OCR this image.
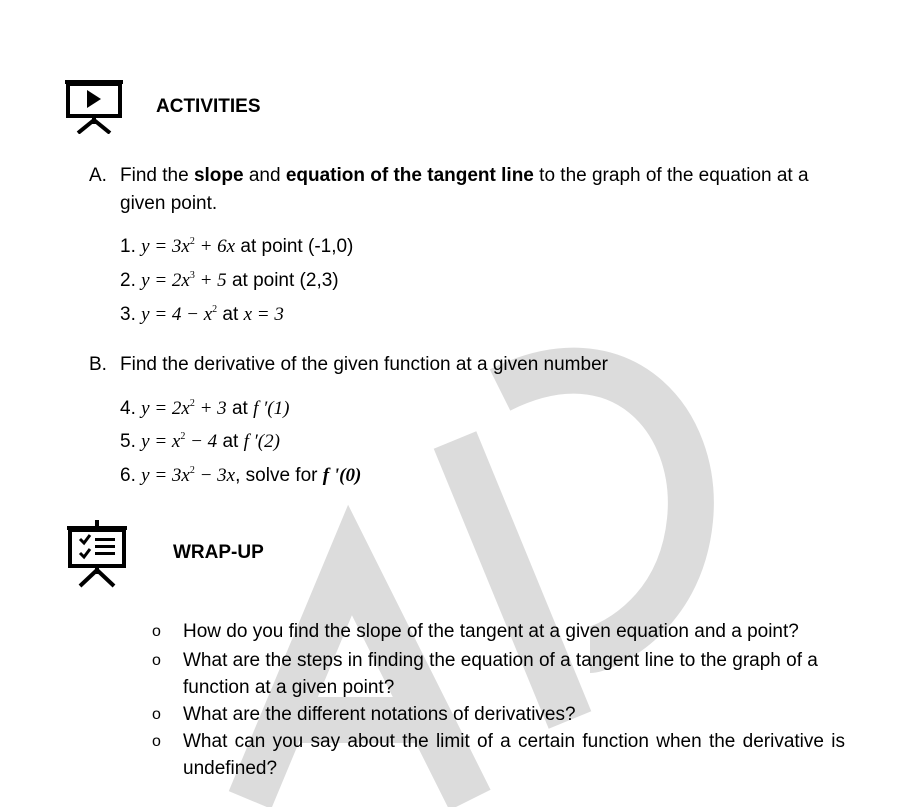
ACTIVITIES
A. Find the slope and equation of the tangent line to the graph of the equation at a given point.
1. $y = 3x^2 + 6x$ at point (-1,0)
2. $y = 2x^3 + 5$ at point (2,3)
3. $y = 4 - x^2$ at x = 3
B. Find the derivative of the given function at a given number
4. $y = 2x^2 + 3$ at f ′(1)
5. $y = x^2 - 4$ at f ′(2)
6. $y = 3x^2 - 3x$, solve for f '(0)
WRAP-UP
o How do you find the slope of the tangent at a given equation and a point?
o What are the steps in finding the equation of a tangent line to the graph of a function at a given point?
o What are the different notations of derivatives?
o What can you say about the limit of a certain function when the derivative is undefined?
